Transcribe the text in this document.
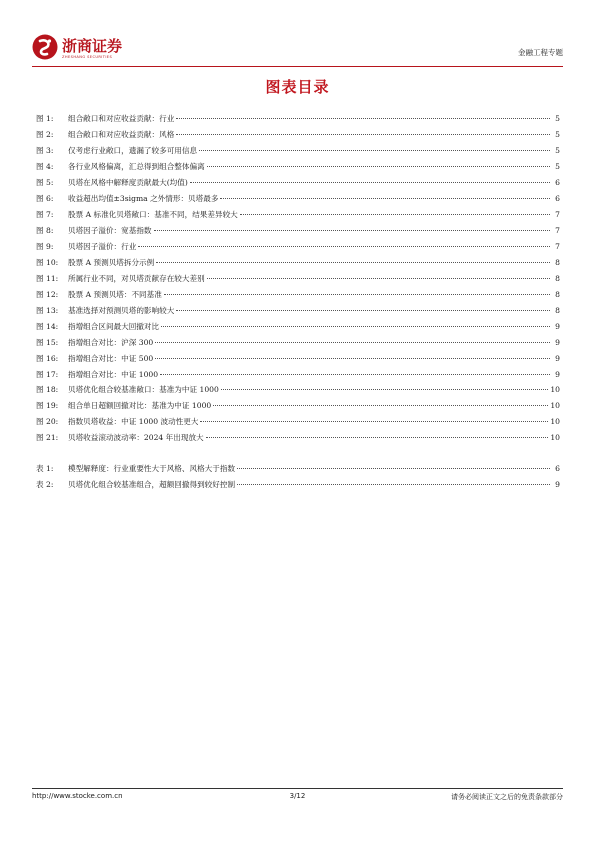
浙商证券
ZHESHANG SECURITIES	金融工程专题
图表目录
图 1:	组合敞口和对应收益贡献：行业	5
图 2:	组合敞口和对应收益贡献：风格	5
图 3:	仅考虑行业敞口，遗漏了较多可用信息	5
图 4:	各行业风格偏离，汇总得到组合整体偏离	5
图 5:	贝塔在风格中解释度贡献最大(均值)	6
图 6:	收益超出均值±3sigma 之外情形：贝塔最多	6
图 7:	股票 A 标准化贝塔敞口：基准不同，结果差异较大	7
图 8:	贝塔因子溢价：宽基指数	7
图 9:	贝塔因子溢价：行业	7
图 10:	股票 A 预测贝塔拆分示例	8
图 11:	所属行业不同，对贝塔贡献存在较大差别	8
图 12:	股票 A 预测贝塔：不同基准	8
图 13:	基准选择对预测贝塔的影响较大	8
图 14:	指增组合区间最大回撤对比	9
图 15:	指增组合对比：沪深 300	9
图 16:	指增组合对比：中证 500	9
图 17:	指增组合对比：中证 1000	9
图 18:	贝塔优化组合较基准敞口：基准为中证 1000	10
图 19:	组合单日超额回撤对比：基准为中证 1000	10
图 20:	指数贝塔收益：中证 1000 波动性更大	10
图 21:	贝塔收益滚动波动率：2024 年出现放大	10
表 1:	模型解释度：行业重要性大于风格、风格大于指数	6
表 2:	贝塔优化组合较基准组合，超额回撤得到较好控制	9
http://www.stocke.com.cn	3/12	请务必阅读正文之后的免责条款部分
